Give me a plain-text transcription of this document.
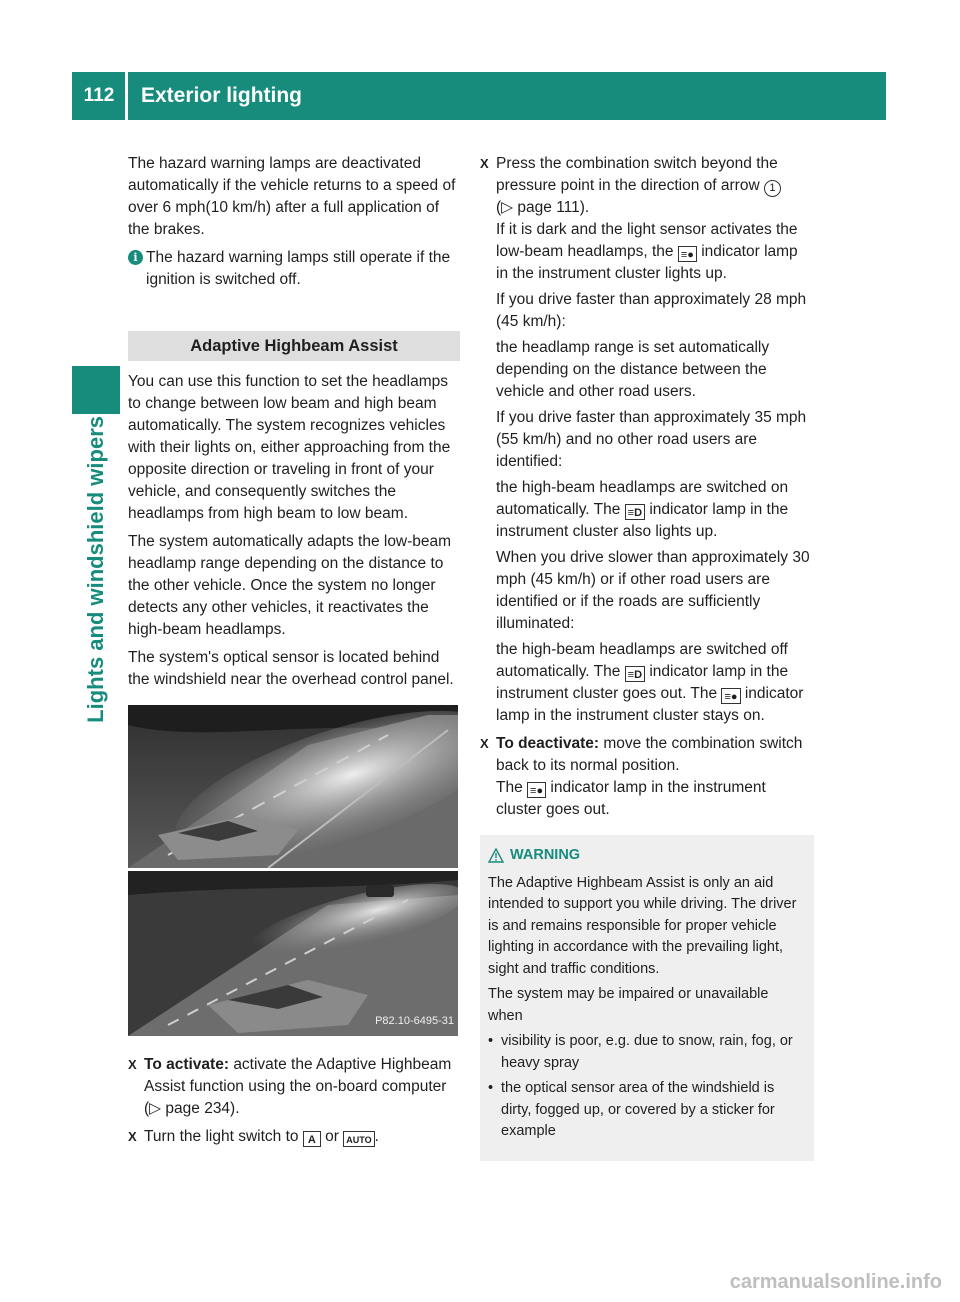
112	Exterior lighting
Lights and windshield wipers

The hazard warning lamps are deactivated automatically if the vehicle returns to a speed of over 6 mph(10 km/h) after a full application of the brakes.

i The hazard warning lamps still operate if the ignition is switched off.
Adaptive Highbeam Assist

You can use this function to set the headlamps to change between low beam and high beam automatically. The system recognizes vehicles with their lights on, either approaching from the opposite direction or traveling in front of your vehicle, and consequently switches the headlamps from high beam to low beam.

The system automatically adapts the low-beam headlamp range depending on the distance to the other vehicle. Once the system no longer detects any other vehicles, it reactivates the high-beam headlamps.

The system's optical sensor is located behind the windshield near the overhead control panel.

P82.10-6495-31
X To activate: activate the Adaptive Highbeam Assist function using the on-board computer (▷ page 234).
X Turn the light switch to A or AUTO .
X Press the combination switch beyond the pressure point in the direction of arrow 1
(▷ page 111).
If it is dark and the light sensor activates the low-beam headlamps, the ≡● indicator lamp in the instrument cluster lights up.

If you drive faster than approximately 28 mph (45 km/h):

the headlamp range is set automatically depending on the distance between the vehicle and other road users.

If you drive faster than approximately 35 mph (55 km/h) and no other road users are identified:

the high-beam headlamps are switched on automatically. The ≡D indicator lamp in the instrument cluster also lights up.

When you drive slower than approximately 30 mph (45 km/h) or if other road users are identified or if the roads are sufficiently illuminated:

the high-beam headlamps are switched off automatically. The ≡D indicator lamp in the instrument cluster goes out. The ≡● indicator lamp in the instrument cluster stays on.

X To deactivate: move the combination switch back to its normal position.
The ≡● indicator lamp in the instrument cluster goes out.
WARNING

The Adaptive Highbeam Assist is only an aid intended to support you while driving. The driver is and remains responsible for proper vehicle lighting in accordance with the prevailing light, sight and traffic conditions.

The system may be impaired or unavailable when

• visibility is poor, e.g. due to snow, rain, fog, or heavy spray
• the optical sensor area of the windshield is dirty, fogged up, or covered by a sticker for example
carmanualsonline.info
